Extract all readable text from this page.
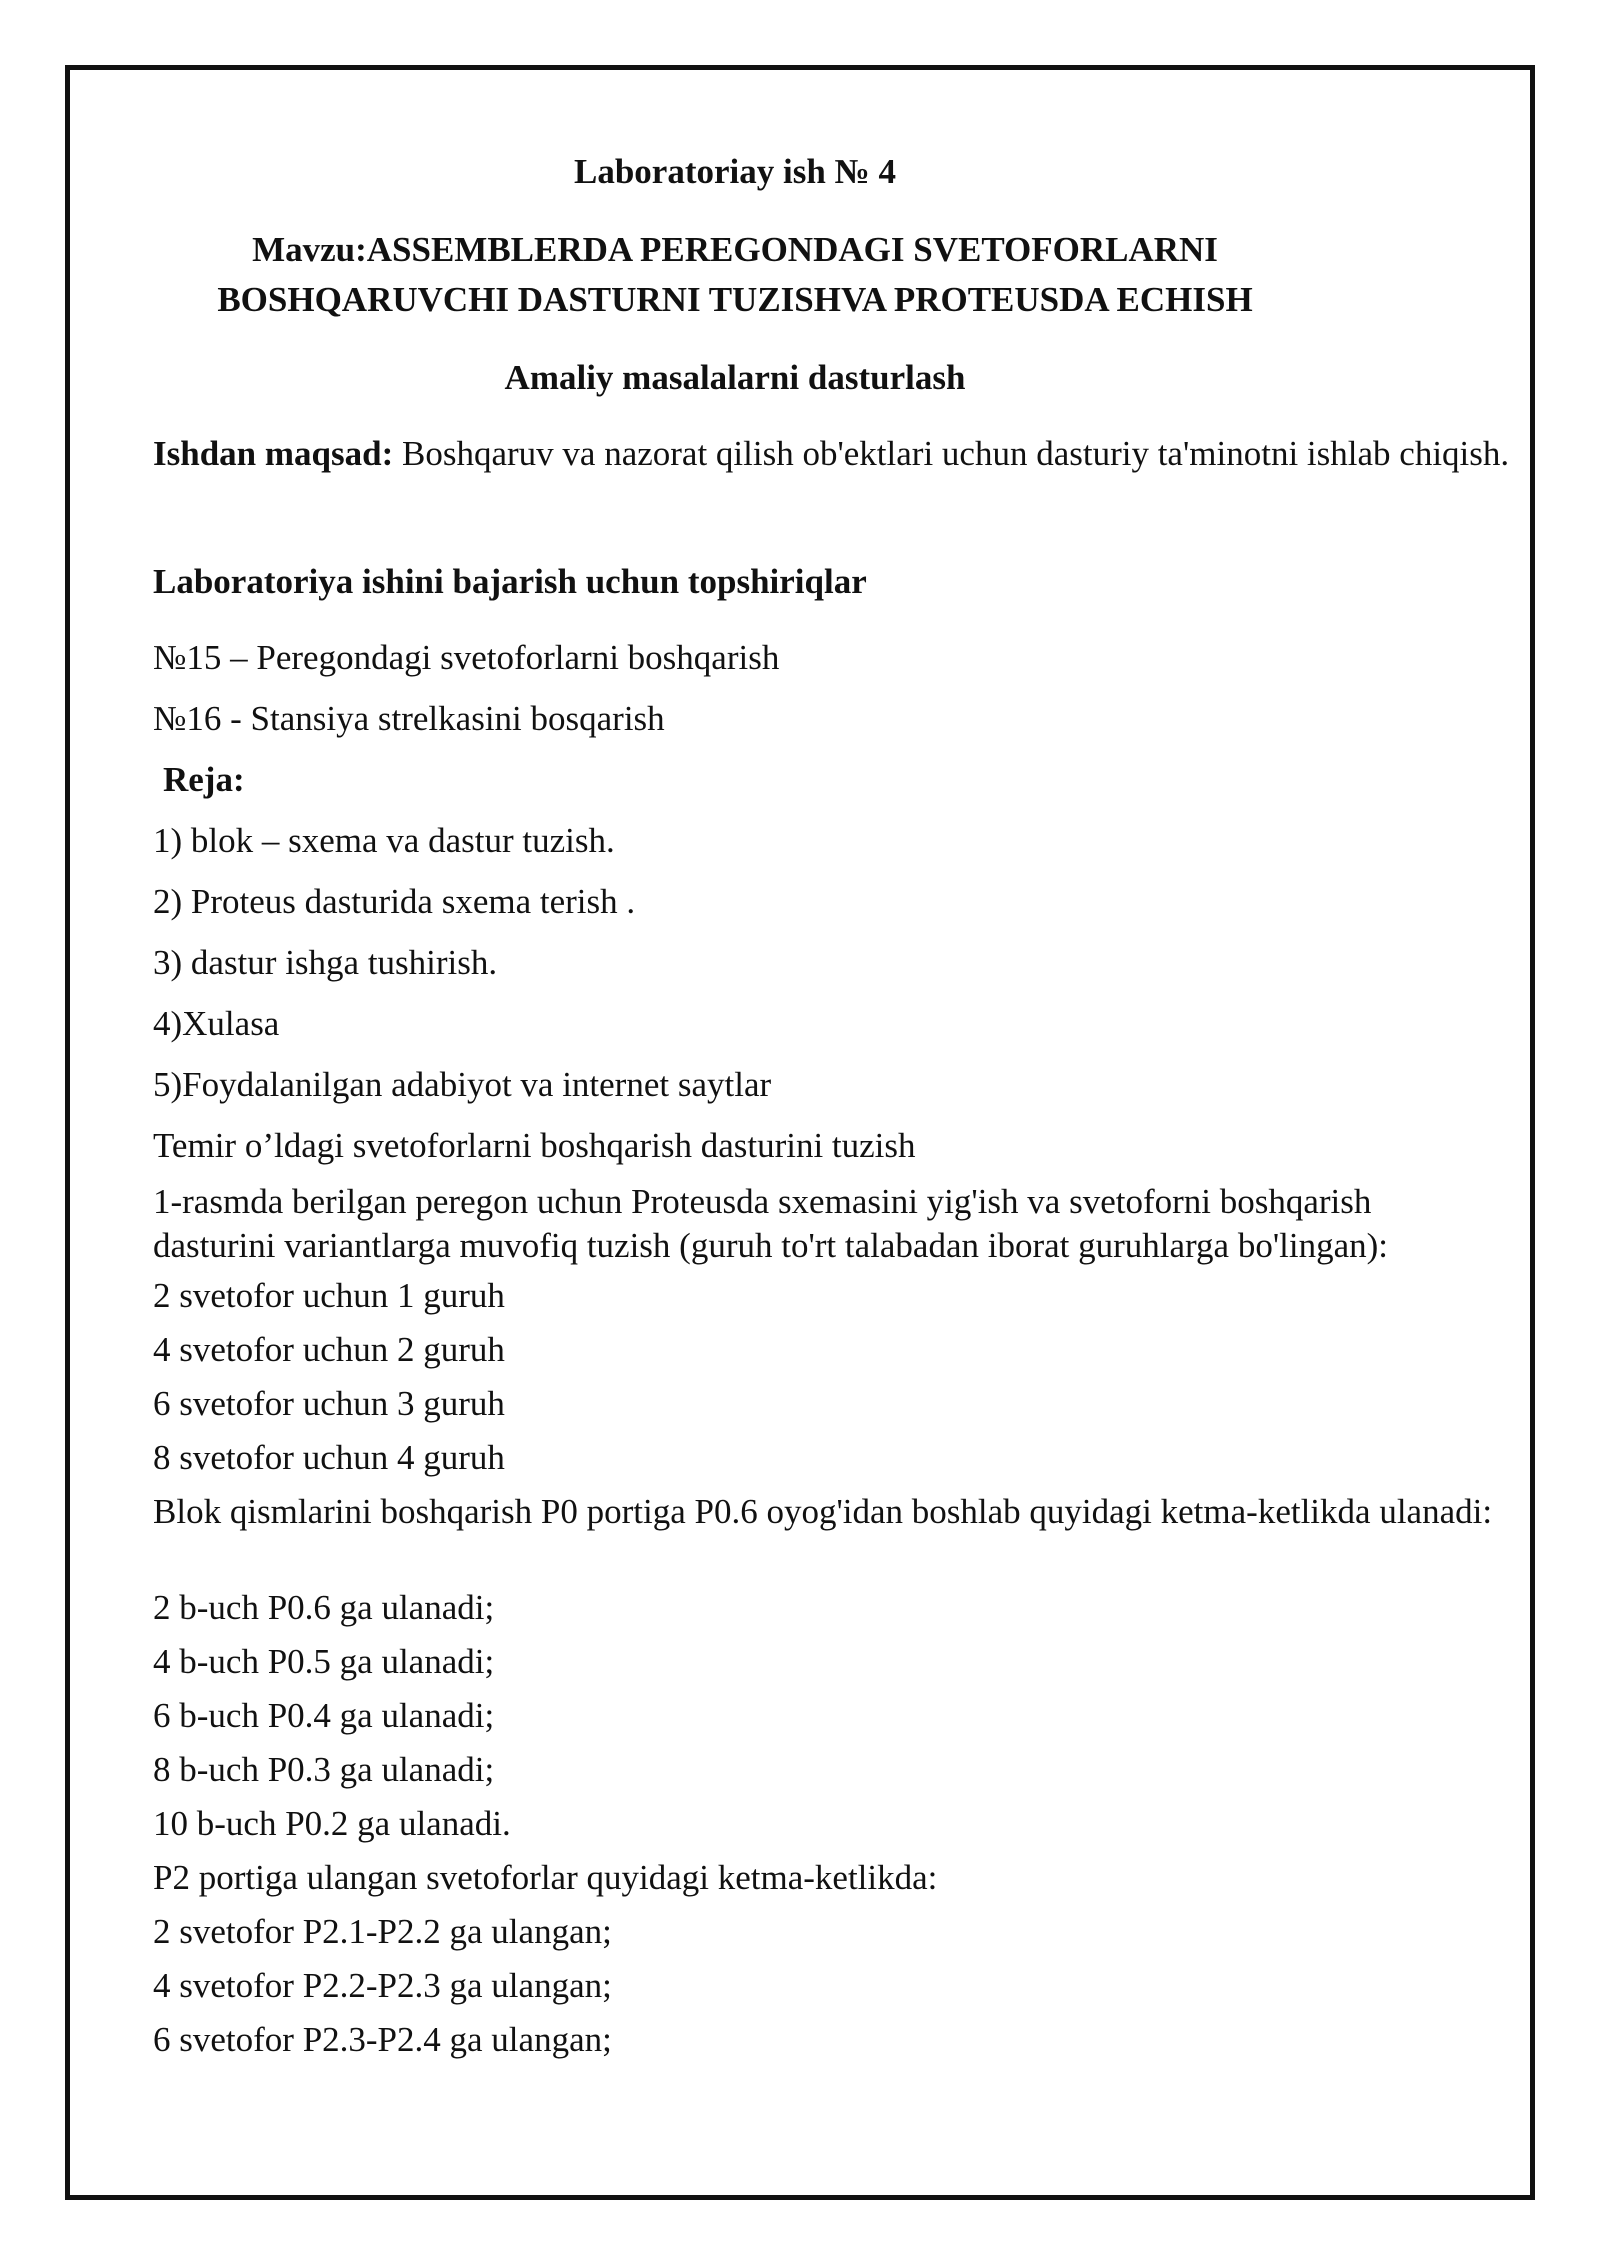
Laboratoriay ish № 4
Mavzu:ASSEMBLERDA PEREGONDAGI SVETOFORLARNI
BOSHQARUVCHI DASTURNI TUZISHVA PROTEUSDA ECHISH
Amaliy masalalarni dasturlash
Ishdan maqsad: Boshqaruv va nazorat qilish ob'ektlari uchun dasturiy ta'minotni ishlab chiqish.
Laboratoriya ishini bajarish uchun topshiriqlar
№15 – Peregondagi svetoforlarni boshqarish
№16 - Stansiya strelkasini bosqarish
Reja:
1) blok – sxema va dastur tuzish.
2) Proteus dasturida sxema terish .
3) dastur ishga tushirish.
4)Xulasa
5)Foydalanilgan adabiyot va internet saytlar
Temir o’ldagi svetoforlarni boshqarish dasturini tuzish
1-rasmda berilgan peregon uchun Proteusda sxemasini yig'ish va svetoforni boshqarish dasturini variantlarga muvofiq tuzish (guruh to'rt talabadan iborat guruhlarga bo'lingan):
2 svetofor uchun 1 guruh
4 svetofor uchun 2 guruh
6 svetofor uchun 3 guruh
8 svetofor uchun 4 guruh
Blok qismlarini boshqarish P0 portiga P0.6 oyog'idan boshlab quyidagi ketma-ketlikda ulanadi:
2 b-uch P0.6 ga ulanadi;
4 b-uch P0.5 ga ulanadi;
6 b-uch P0.4 ga ulanadi;
8 b-uch P0.3 ga ulanadi;
10 b-uch P0.2 ga ulanadi.
P2 portiga ulangan svetoforlar quyidagi ketma-ketlikda:
2 svetofor P2.1-P2.2 ga ulangan;
4 svetofor P2.2-P2.3 ga ulangan;
6 svetofor P2.3-P2.4 ga ulangan;
